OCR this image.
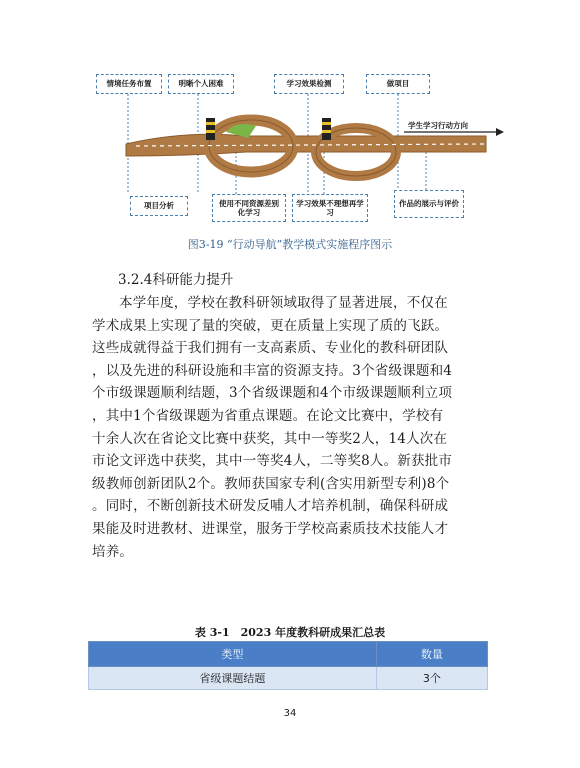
情境任务布置	明晰个人困难	学习效果检测	做项目
学生学习行动方向
项目分析	使用不同资源差别化学习
学习效果不理想再学习
作品的展示与评价
图3-19 “行动导航”教学模式实施程序图示
3.2.4科研能力提升
本学年度，学校在教科研领域取得了显著进展，不仅在
学术成果上实现了量的突破，更在质量上实现了质的飞跃。
这些成就得益于我们拥有一支高素质、专业化的教科研团队
，以及先进的科研设施和丰富的资源支持。3个省级课题和4
个市级课题顺利结题，3个省级课题和4个市级课题顺利立项
，其中1个省级课题为省重点课题。在论文比赛中，学校有
十余人次在省论文比赛中获奖，其中一等奖2人，14人次在
市论文评选中获奖，其中一等奖4人，二等奖8人。新获批市
级教师创新团队2个。教师获国家专利(含实用新型专利)8个
。同时，不断创新技术研发反哺人才培养机制，确保科研成
果能及时进教材、进课堂，服务于学校高素质技术技能人才
培养。
表 3-1　2023 年度教科研成果汇总表
类型	数量
省级课题结题	3个
34
